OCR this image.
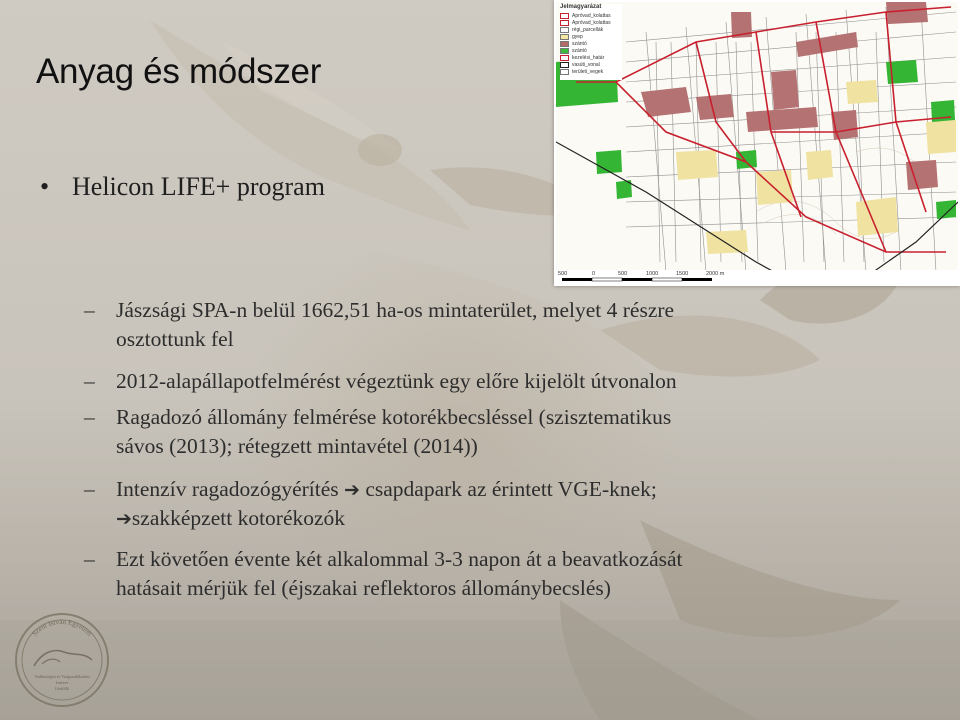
Anyag és módszer
• Helicon LIFE+ program
– Jászsági SPA-n belül 1662,51 ha-os mintaterület, melyet 4 részre
osztottunk fel
– 2012-alapállapotfelmérést végeztünk egy előre kijelölt útvonalon
– Ragadozó állomány felmérése kotorékbecsléssel (szisztematikus
sávos (2013); rétegzett mintavétel (2014))
– Intenzív ragadozógyérítés ➔ csapdapark az érintett VGE-knek;
➔szakképzett kotorékozók
– Ezt követően évente két alkalommal 3-3 napon át a beavatkozását
hatásait mérjük fel (éjszakai reflektoros állománybecslés)
Jelmagyarázat
Apróvad_kolattas
Apróvad_kolattas
régi_parcellák
gyep
szántó
szántó
kezelési_határ
vasúti_vonal
területi_vegek
500	0	500	1000	1500	2000 m
Szent István Egyetem
Vadbiológiai és Vadgazdálkodási
Intézet
Gödöllő
